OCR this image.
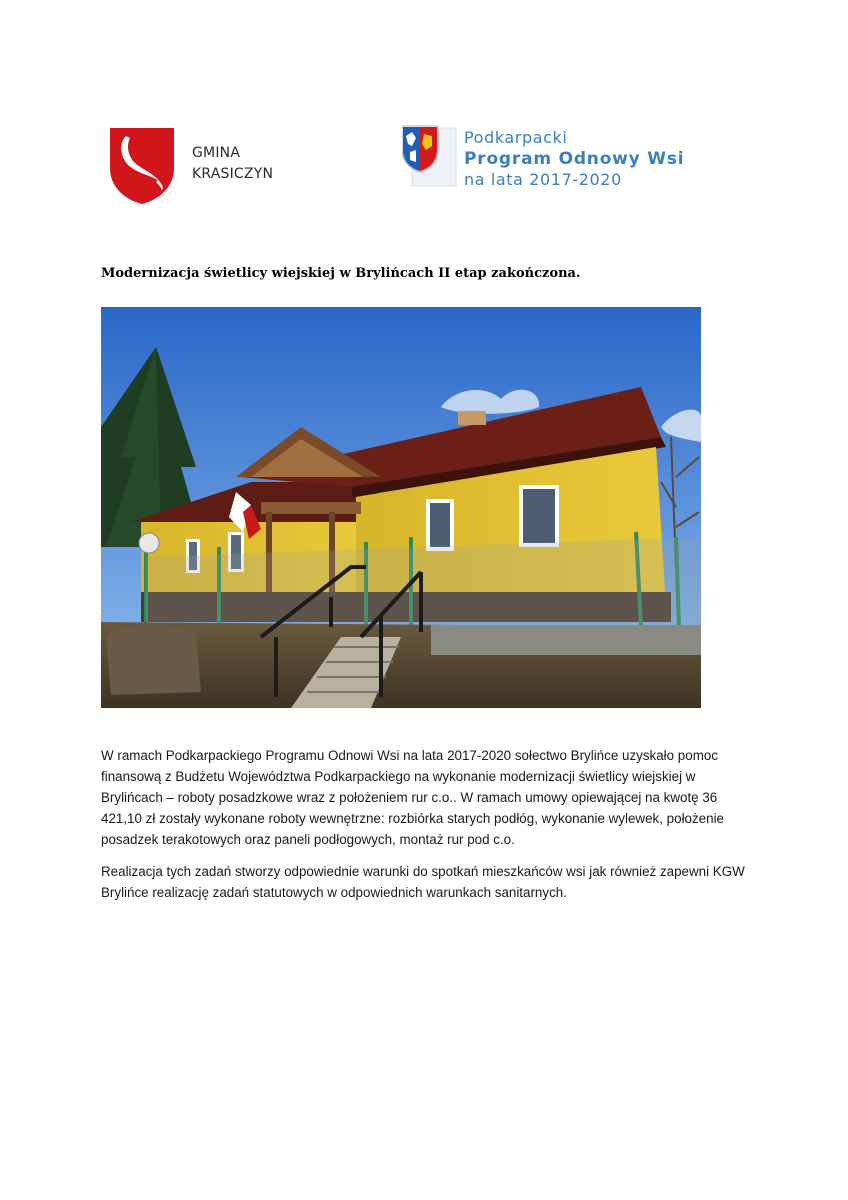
GMINA
KRASICZYN
Podkarpacki
Program Odnowy Wsi
na lata 2017-2020
Modernizacja świetlicy wiejskiej w Brylińcach II etap zakończona.
W ramach Podkarpackiego Programu Odnowi Wsi na lata 2017-2020 sołectwo Brylińce uzyskało pomoc finansową z Budżetu Województwa Podkarpackiego na wykonanie modernizacji świetlicy wiejskiej w Brylińcach – roboty posadzkowe wraz z położeniem rur c.o.. W ramach umowy opiewającej na kwotę 36 421,10 zł zostały wykonane roboty wewnętrzne: rozbiórka starych podłóg, wykonanie wylewek, położenie posadzek terakotowych oraz paneli podłogowych, montaż rur pod c.o.
Realizacja tych zadań stworzy odpowiednie warunki do spotkań mieszkańców wsi jak również zapewni KGW Brylińce realizację zadań statutowych w odpowiednich warunkach sanitarnych.
